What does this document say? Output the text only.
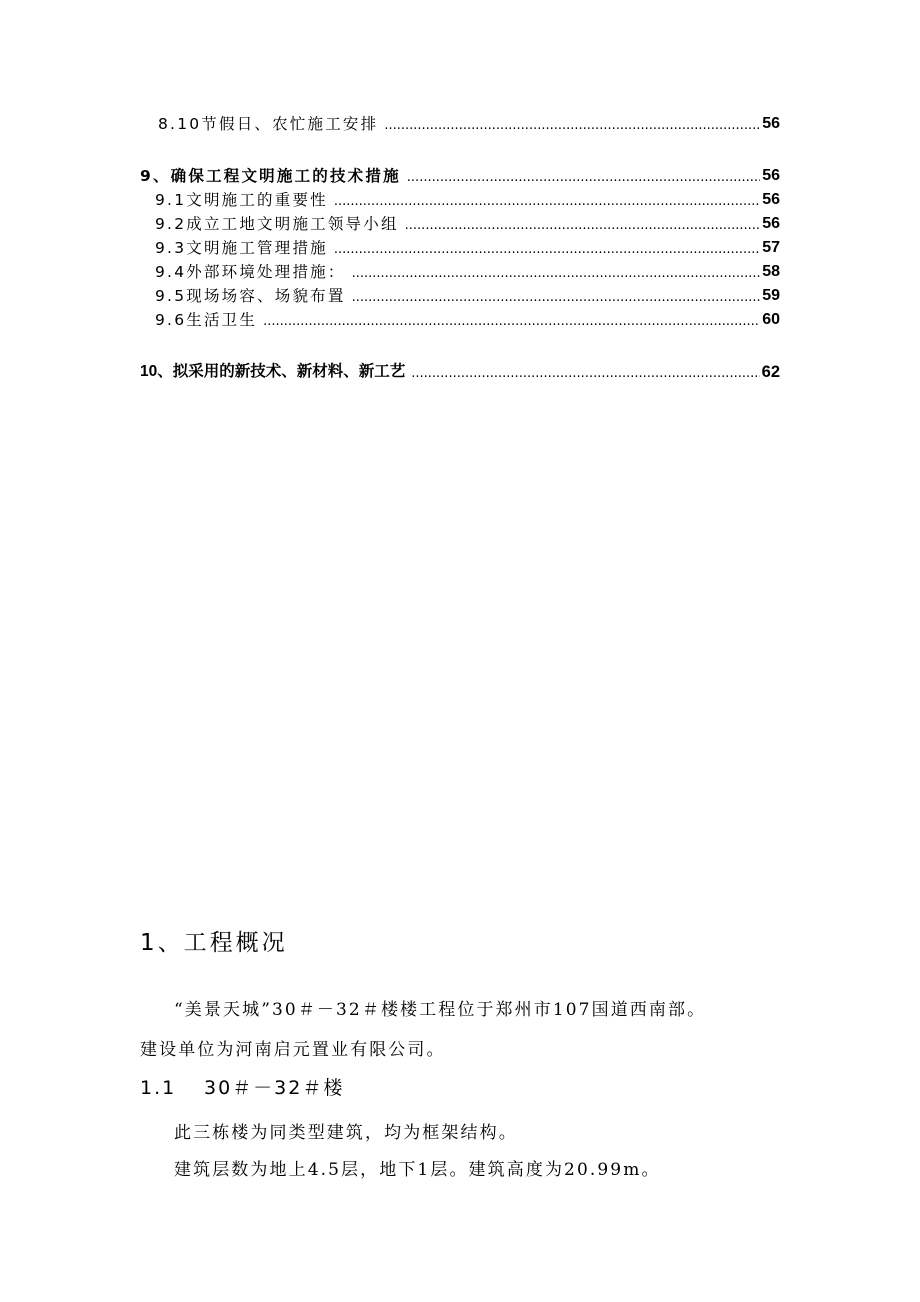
8.10节假日、农忙施工安排 .....	56
9、确保工程文明施工的技术措施 .....	56
9.1文明施工的重要性 .....	56
9.2成立工地文明施工领导小组 .....	56
9.3文明施工管理措施 .....	57
9.4外部环境处理措施： .....	58
9.5现场场容、场貌布置 .....	59
9.6生活卫生 .....	60
10、拟采用的新技术、新材料、新工艺 .....	62
1、工程概况
“美景天城”30＃－32＃楼楼工程位于郑州市107国道西南部。
建设单位为河南启元置业有限公司。
1.1 30＃－32＃楼
此三栋楼为同类型建筑，均为框架结构。
建筑层数为地上4.5层，地下1层。建筑高度为20.99m。
